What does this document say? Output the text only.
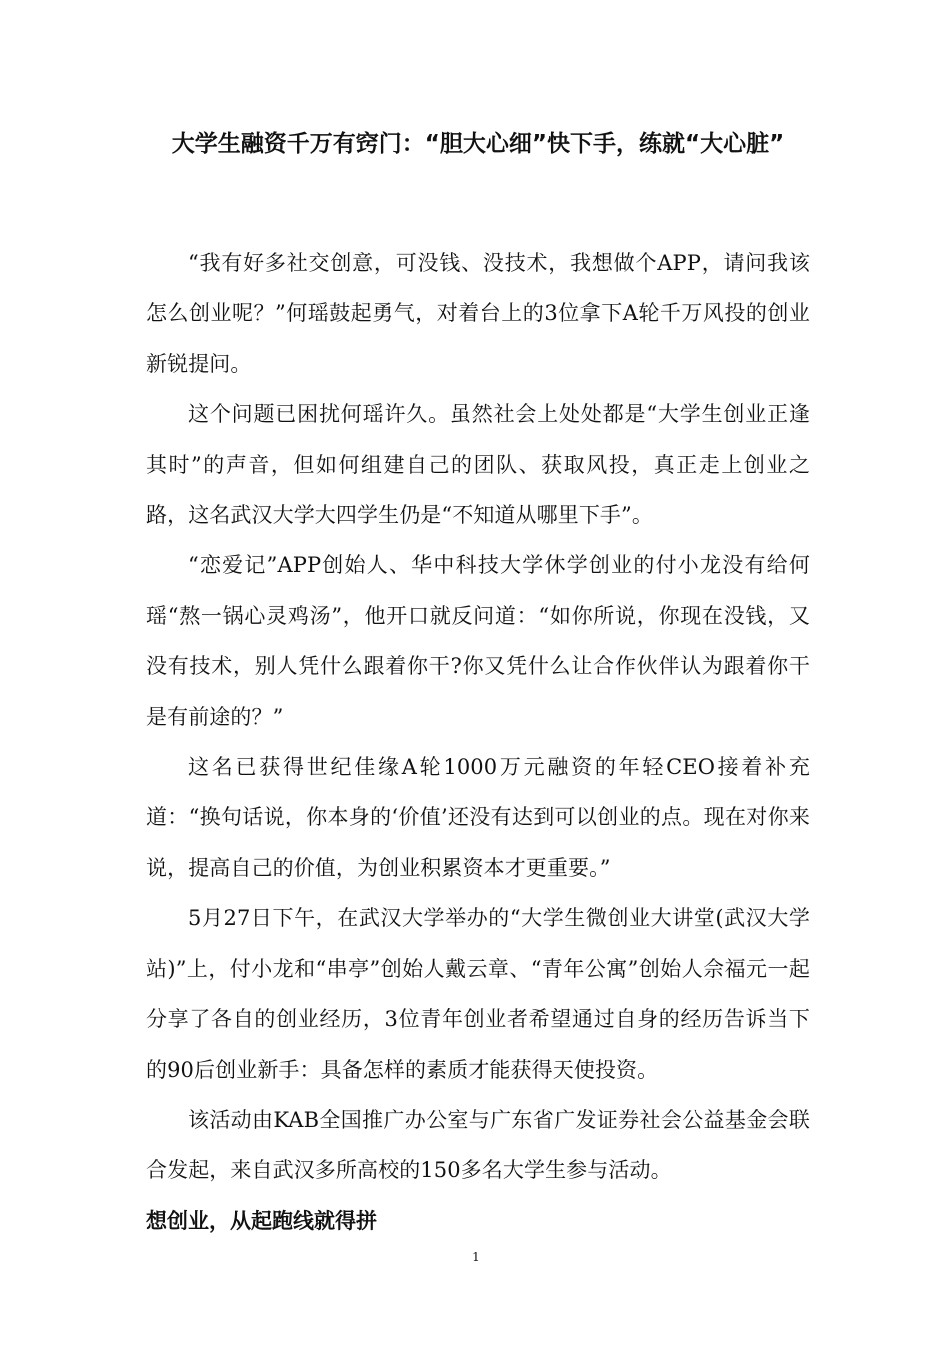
大学生融资千万有窍门：“胆大心细”快下手，练就“大心脏”

“我有好多社交创意，可没钱、没技术，我想做个APP，请问我该怎么创业呢？”何瑶鼓起勇气，对着台上的3位拿下A轮千万风投的创业新锐提问。

这个问题已困扰何瑶许久。虽然社会上处处都是“大学生创业正逢其时”的声音，但如何组建自己的团队、获取风投，真正走上创业之路，这名武汉大学大四学生仍是“不知道从哪里下手”。

“恋爱记”APP创始人、华中科技大学休学创业的付小龙没有给何瑶“熬一锅心灵鸡汤”，他开口就反问道：“如你所说，你现在没钱，又没有技术，别人凭什么跟着你干?你又凭什么让合作伙伴认为跟着你干是有前途的？”

这名已获得世纪佳缘A轮1000万元融资的年轻CEO接着补充道：“换句话说，你本身的‘价值’还没有达到可以创业的点。现在对你来说，提高自己的价值，为创业积累资本才更重要。”

5月27日下午，在武汉大学举办的“大学生微创业大讲堂(武汉大学站)”上，付小龙和“串亭”创始人戴云章、“青年公寓”创始人佘福元一起分享了各自的创业经历，3位青年创业者希望通过自身的经历告诉当下的90后创业新手：具备怎样的素质才能获得天使投资。

该活动由KAB全国推广办公室与广东省广发证券社会公益基金会联合发起，来自武汉多所高校的150多名大学生参与活动。

想创业，从起跑线就得拼

1
